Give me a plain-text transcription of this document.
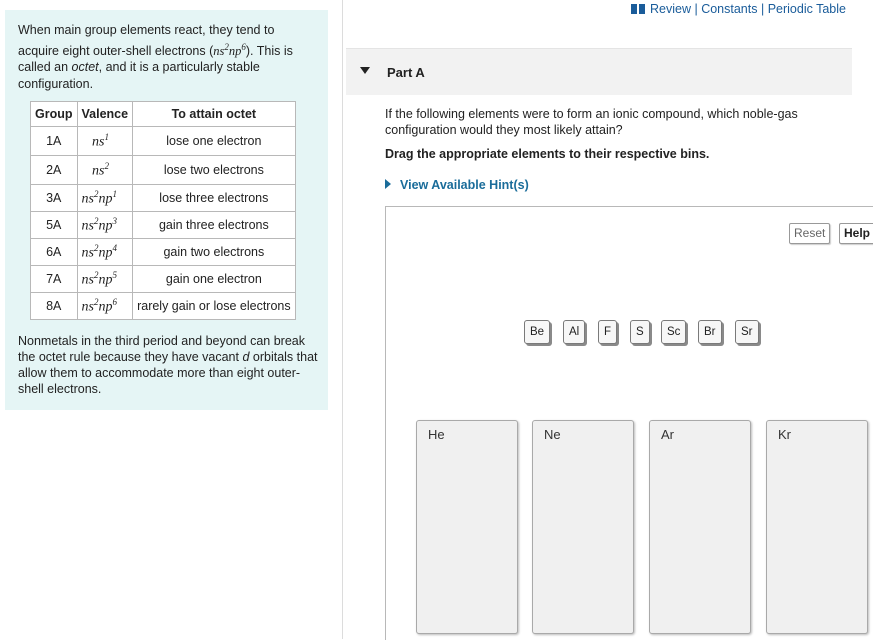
When main group elements react, they tend to acquire eight outer-shell electrons $(ns^2np^6)$. This is called an octet, and it is a particularly stable configuration.

Group	Valence	To attain octet
1A	$ns^1$	lose one electron
2A	$ns^2$	lose two electrons
3A	$ns^2np^1$	lose three electrons
5A	$ns^2np^3$	gain three electrons
6A	$ns^2np^4$	gain two electrons
7A	$ns^2np^5$	gain one electron
8A	$ns^2np^6$	rarely gain or lose electrons

Nonmetals in the third period and beyond can break the octet rule because they have vacant d orbitals that allow them to accommodate more than eight outer-shell electrons.

Review | Constants | Periodic Table
Part A

If the following elements were to form an ionic compound, which noble-gas configuration would they most likely attain?

Drag the appropriate elements to their respective bins.
View Available Hint(s)
Reset	Help
Be	Al	F	S	Sc	Br	Sr
He	Ne	Ar	Kr
